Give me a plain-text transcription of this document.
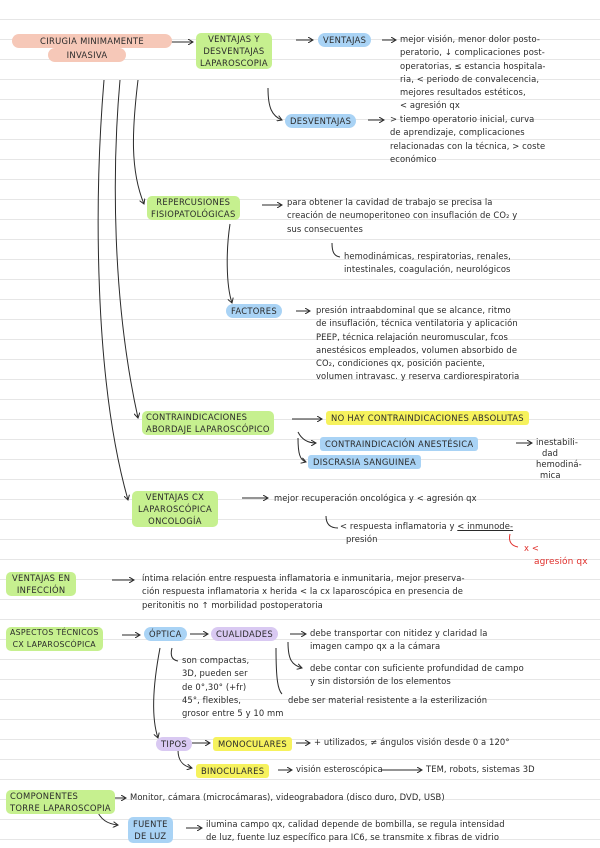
CIRUGIA MINIMAMENTE
INVASIVA
VENTAJAS Y
DESVENTAJAS
LAPAROSCOPIA
VENTAJAS	mejor visión, menor dolor posto-
peratorio, ↓ complicaciones post-
operatorias, ≤ estancia hospitala-
ria, < periodo de convalecencia,
mejores resultados estéticos,
< agresión qx
DESVENTAJAS	> tiempo operatorio inicial, curva
de aprendizaje, complicaciones
relacionadas con la técnica, > coste
económico
REPERCUSIONES
FISIOPATOLÓGICAS
para obtener la cavidad de trabajo se precisa la
creación de neumoperitoneo con insuflación de CO₂ y
sus consecuentes
hemodinámicas, respiratorias, renales,
intestinales, coagulación, neurológicos
FACTORES	presión intraabdominal que se alcance, ritmo
de insuflación, técnica ventilatoria y aplicación
PEEP, técnica relajación neuromuscular, fcos
anestésicos empleados, volumen absorbido de
CO₂, condiciones qx, posición paciente,
volumen intravasc. y reserva cardiorespiratoria
CONTRAINDICACIONES
ABORDAJE LAPAROSCÓPICO
NO HAY CONTRAINDICACIONES ABSOLUTAS
CONTRAINDICACIÓN ANESTÉSICA	inestabili-
dad
hemodiná-
mica
DISCRASIA SANGUINEA
VENTAJAS CX
LAPAROSCÓPICA
ONCOLOGÍA
mejor recuperación oncológica y < agresión qx
< respuesta inflamatoria y < inmunode-
presión
x <
agresión qx
VENTAJAS EN
INFECCIÓN
íntima relación entre respuesta inflamatoria e inmunitaria, mejor preserva-
ción respuesta inflamatoria x herida < la cx laparoscópica en presencia de
peritonitis no ↑ morbilidad postoperatoria
ASPECTOS TÉCNICOS
CX LAPAROSCÓPICA
ÓPTICA	CUALIDADES	debe transportar con nitidez y claridad la
imagen campo qx a la cámara
debe contar con suficiente profundidad de campo
y sin distorsión de los elementos
debe ser material resistente a la esterilización
son compactas,
3D, pueden ser
de 0°,30° (+fr)
45°, flexibles,
grosor entre 5 y 10 mm
TIPOS	MONOCULARES	+ utilizados, ≠ ángulos visión desde 0 a 120°
BINOCULARES	visión esteroscópica	TEM, robots, sistemas 3D
COMPONENTES
TORRE LAPAROSCOPIA
Monitor, cámara (microcámaras), videograbadora (disco duro, DVD, USB)
FUENTE
DE LUZ
ilumina campo qx, calidad depende de bombilla, se regula intensidad
de luz, fuente luz específico para IC6, se transmite x fibras de vidrio
